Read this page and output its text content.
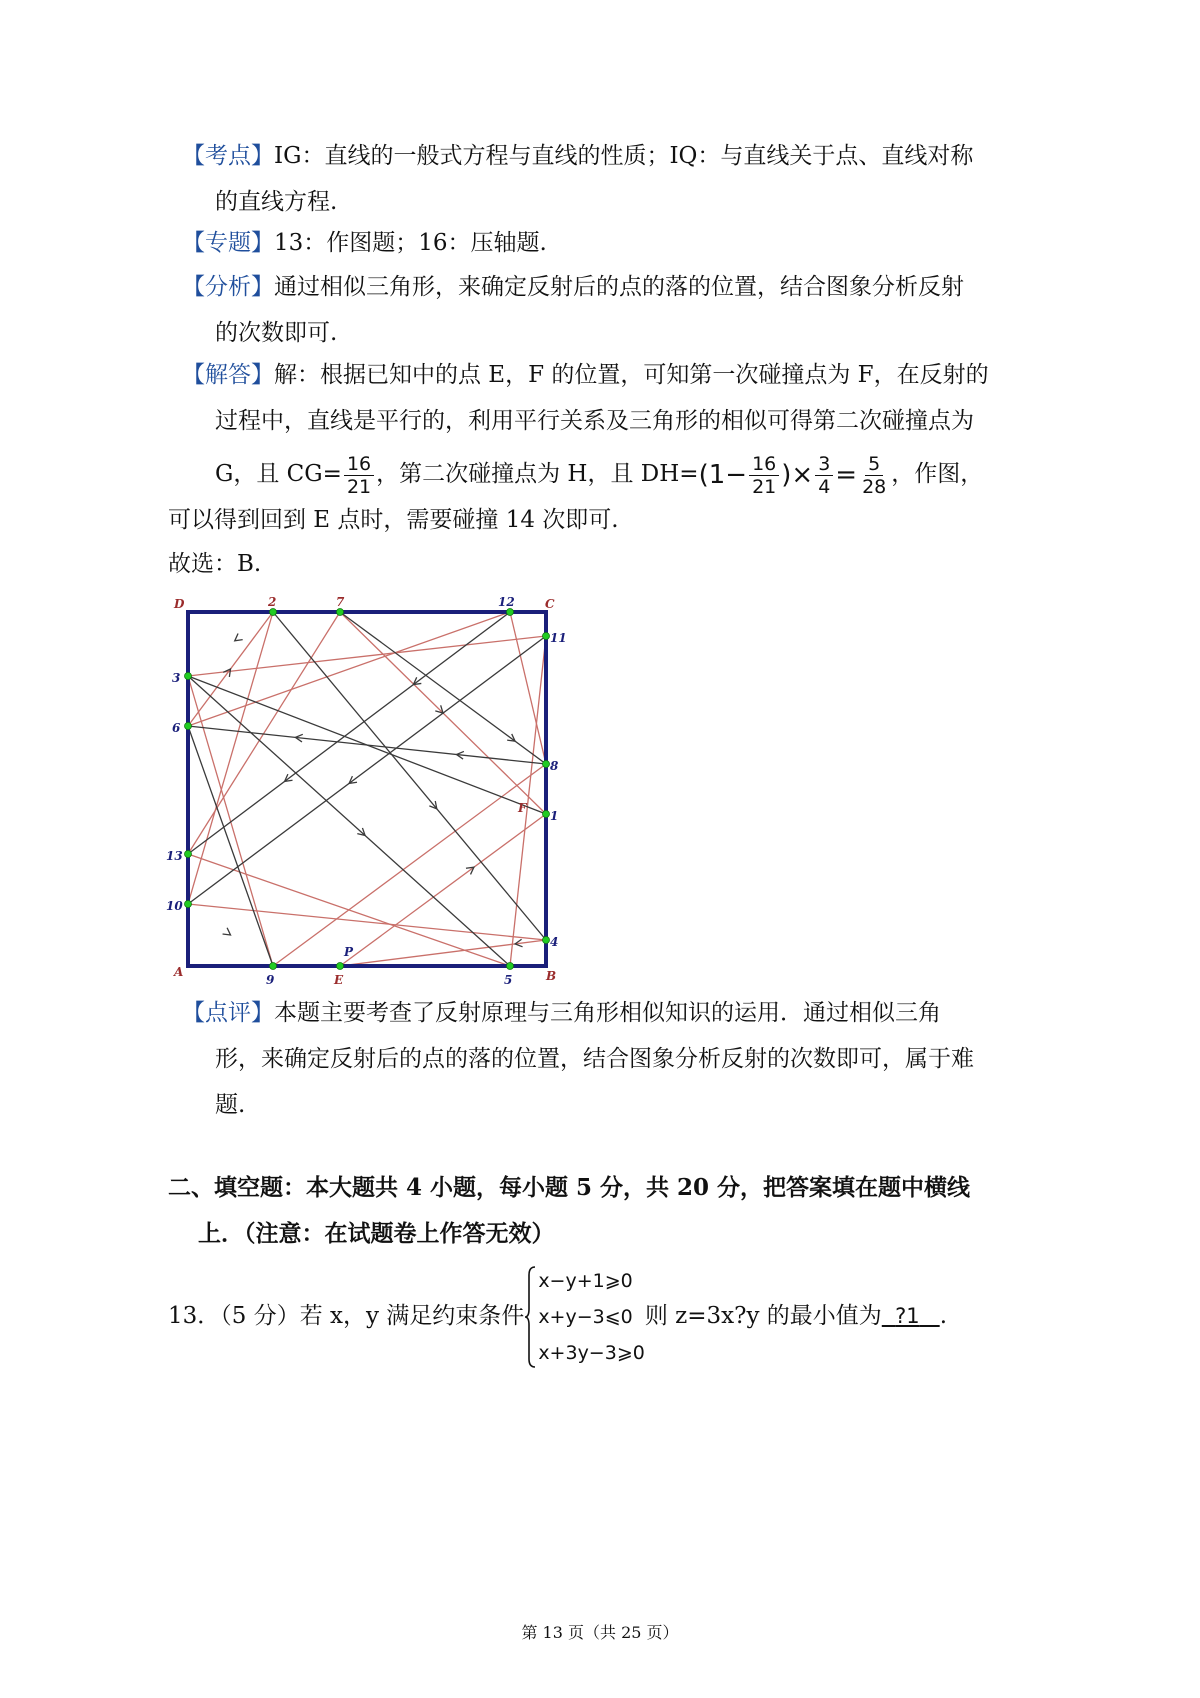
【考点】IG：直线的一般式方程与直线的性质；IQ：与直线关于点、直线对称
的直线方程.
【专题】13：作图题；16：压轴题.
【分析】通过相似三角形，来确定反射后的点的落的位置，结合图象分析反射
的次数即可.
【解答】解：根据已知中的点 E，F 的位置，可知第一次碰撞点为 F，在反射的
过程中，直线是平行的，利用平行关系及三角形的相似可得第二次碰撞点为
G，且 $CG= \frac{16}{21}$ ，第二次碰撞点为 H，且 $DH=(1- \frac{16}{21}$ )× $\frac{3}{4} = \frac{5}{28}$ ，作图，
可以得到回到 E 点时，需要碰撞 14 次即可.
故选：B.
D	C
A	B
E
F
P
2	7	12
11
3
6
8
1
13
10
4
9	5
【点评】本题主要考查了反射原理与三角形相似知识的运用．通过相似三角
形，来确定反射后的点的落的位置，结合图象分析反射的次数即可，属于难
题.
二、填空题：本大题共 4 小题，每小题 5 分，共 20 分，把答案填在题中横线
上．（注意：在试题卷上作答无效）
13．（5 分）若 x，y 满足约束条件
x−y+1⩾0
x+y−3⩽0
x+3y−3⩾0
则 z=3x?y 的最小值为 ?1 .
第 13 页（共 25 页）
